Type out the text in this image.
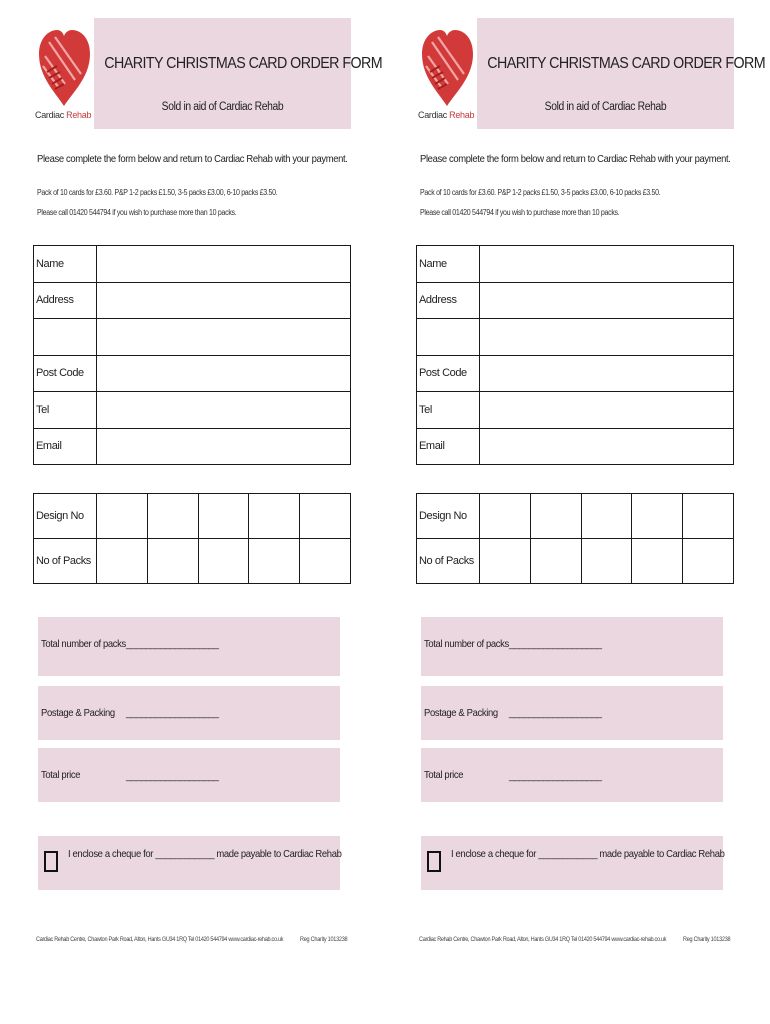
Cardiac Rehab
CHARITY CHRISTMAS CARD ORDER FORM
Sold in aid of Cardiac Rehab
Please complete the form below and return to Cardiac Rehab with your payment.
Pack of 10 cards for £3.60. P&P 1-2 packs £1.50, 3-5 packs £3.00, 6-10 packs £3.50.
Please call 01420 544794 if you wish to purchase more than 10 packs.
Name	
Address	

Post Code	
Tel	
Email	
Design No					
No of Packs					
Total number of packs ___________________
Postage & Packing ___________________
Total price	___________________
I enclose a cheque for ____________ made payable to Cardiac Rehab
Cardiac Rehab Centre, Chawton Park Road, Alton, Hants GU34 1RQ Tel 01420 544794 www.cardiac-rehab.co.uk	Reg Charity 1013238
Cardiac Rehab
CHARITY CHRISTMAS CARD ORDER FORM
Sold in aid of Cardiac Rehab
Please complete the form below and return to Cardiac Rehab with your payment.
Pack of 10 cards for £3.60. P&P 1-2 packs £1.50, 3-5 packs £3.00, 6-10 packs £3.50.
Please call 01420 544794 if you wish to purchase more than 10 packs.
Name	
Address	

Post Code	
Tel	
Email	
Design No					
No of Packs					
Total number of packs ___________________
Postage & Packing ___________________
Total price	___________________
I enclose a cheque for ____________ made payable to Cardiac Rehab
Cardiac Rehab Centre, Chawton Park Road, Alton, Hants GU34 1RQ Tel 01420 544794 www.cardiac-rehab.co.uk	Reg Charity 1013238
